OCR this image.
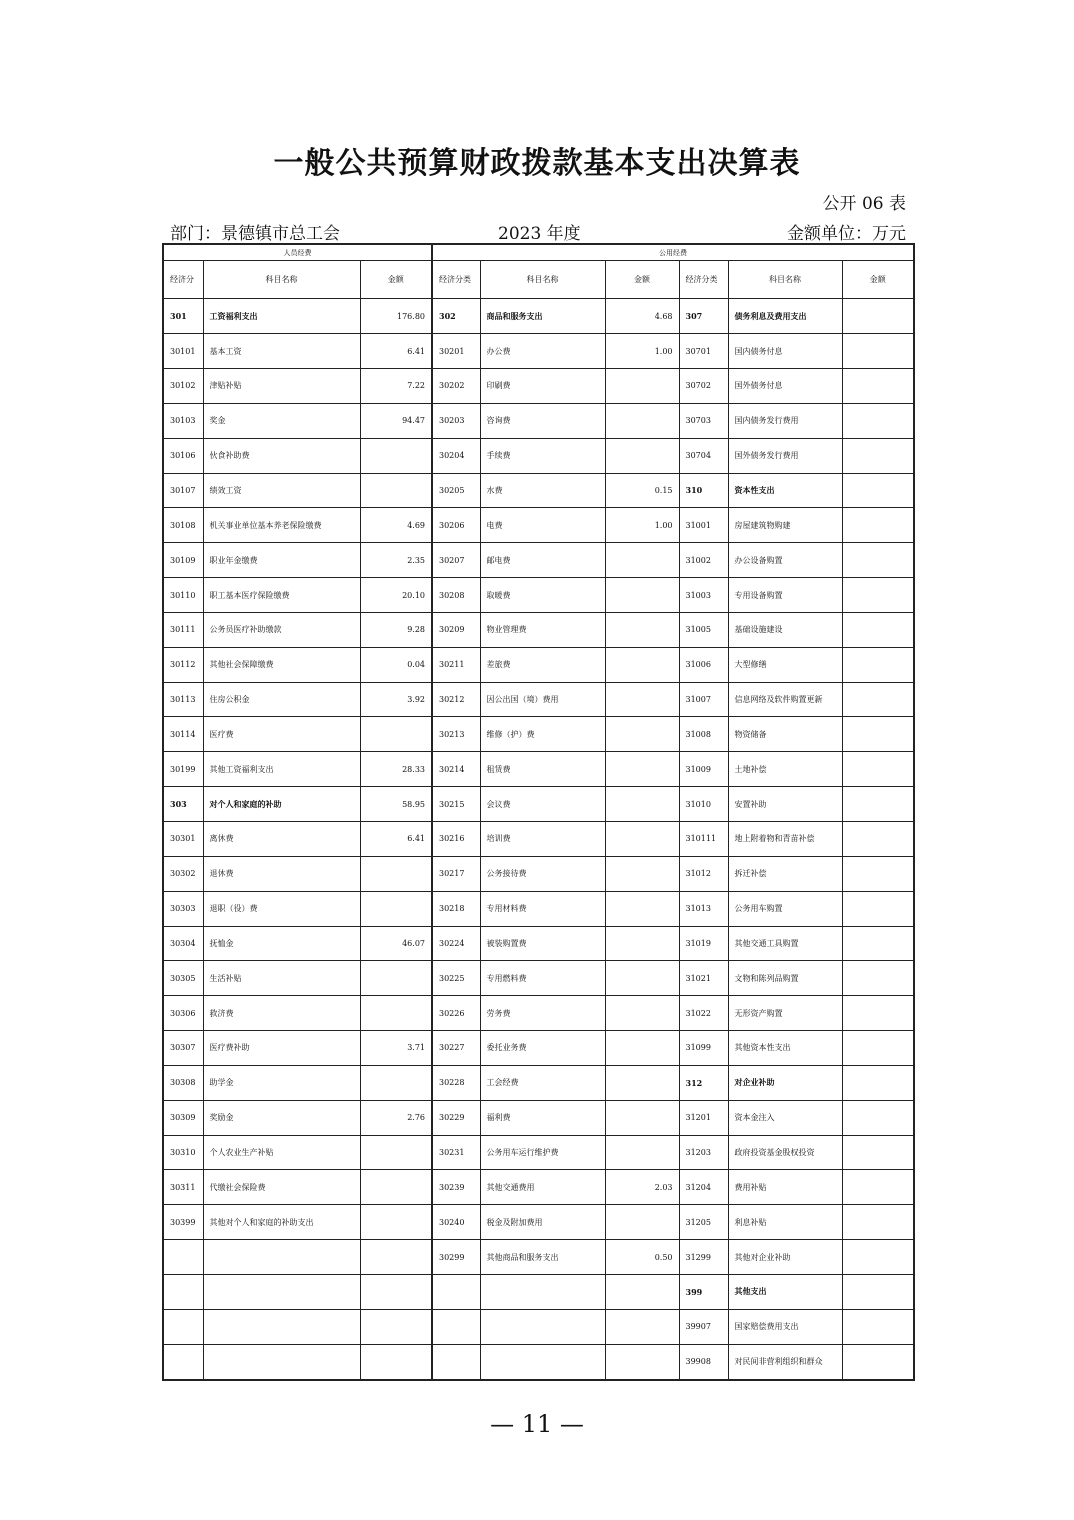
一般公共预算财政拨款基本支出决算表
公开 06 表
部门：景德镇市总工会	2023 年度	金额单位：万元
人员经费			公用经费					
经济分	科目名称	金额	经济分类	科目名称	金额	经济分类	科目名称	金额
301	工资福利支出	176.80	302	商品和服务支出	4.68	307	债务利息及费用支出	
30101	基本工资	6.41	30201	办公费	1.00	30701	国内债务付息	
30102	津贴补贴	7.22	30202	印刷费		30702	国外债务付息	
30103	奖金	94.47	30203	咨询费		30703	国内债务发行费用	
30106	伙食补助费		30204	手续费		30704	国外债务发行费用	
30107	绩效工资		30205	水费	0.15	310	资本性支出	
30108	机关事业单位基本养老保险缴费	4.69	30206	电费	1.00	31001	房屋建筑物购建	
30109	职业年金缴费	2.35	30207	邮电费		31002	办公设备购置	
30110	职工基本医疗保险缴费	20.10	30208	取暖费		31003	专用设备购置	
30111	公务员医疗补助缴款	9.28	30209	物业管理费		31005	基础设施建设	
30112	其他社会保障缴费	0.04	30211	差旅费		31006	大型修缮	
30113	住房公积金	3.92	30212	因公出国（境）费用		31007	信息网络及软件购置更新	
30114	医疗费		30213	维修（护）费		31008	物资储备	
30199	其他工资福利支出	28.33	30214	租赁费		31009	土地补偿	
303	对个人和家庭的补助	58.95	30215	会议费		31010	安置补助	
30301	离休费	6.41	30216	培训费		310111	地上附着物和青苗补偿	
30302	退休费		30217	公务接待费		31012	拆迁补偿	
30303	退职（役）费		30218	专用材料费		31013	公务用车购置	
30304	抚恤金	46.07	30224	被装购置费		31019	其他交通工具购置	
30305	生活补贴		30225	专用燃料费		31021	文物和陈列品购置	
30306	救济费		30226	劳务费		31022	无形资产购置	
30307	医疗费补助	3.71	30227	委托业务费		31099	其他资本性支出	
30308	助学金		30228	工会经费		312	对企业补助	
30309	奖励金	2.76	30229	福利费		31201	资本金注入	
30310	个人农业生产补贴		30231	公务用车运行维护费		31203	政府投资基金股权投资	
30311	代缴社会保险费		30239	其他交通费用	2.03	31204	费用补贴	
30399	其他对个人和家庭的补助支出		30240	税金及附加费用		31205	利息补贴	
			30299	其他商品和服务支出	0.50	31299	其他对企业补助	
						399	其他支出	
						39907	国家赔偿费用支出	
						39908	对民间非营利组织和群众	
— 11 —
